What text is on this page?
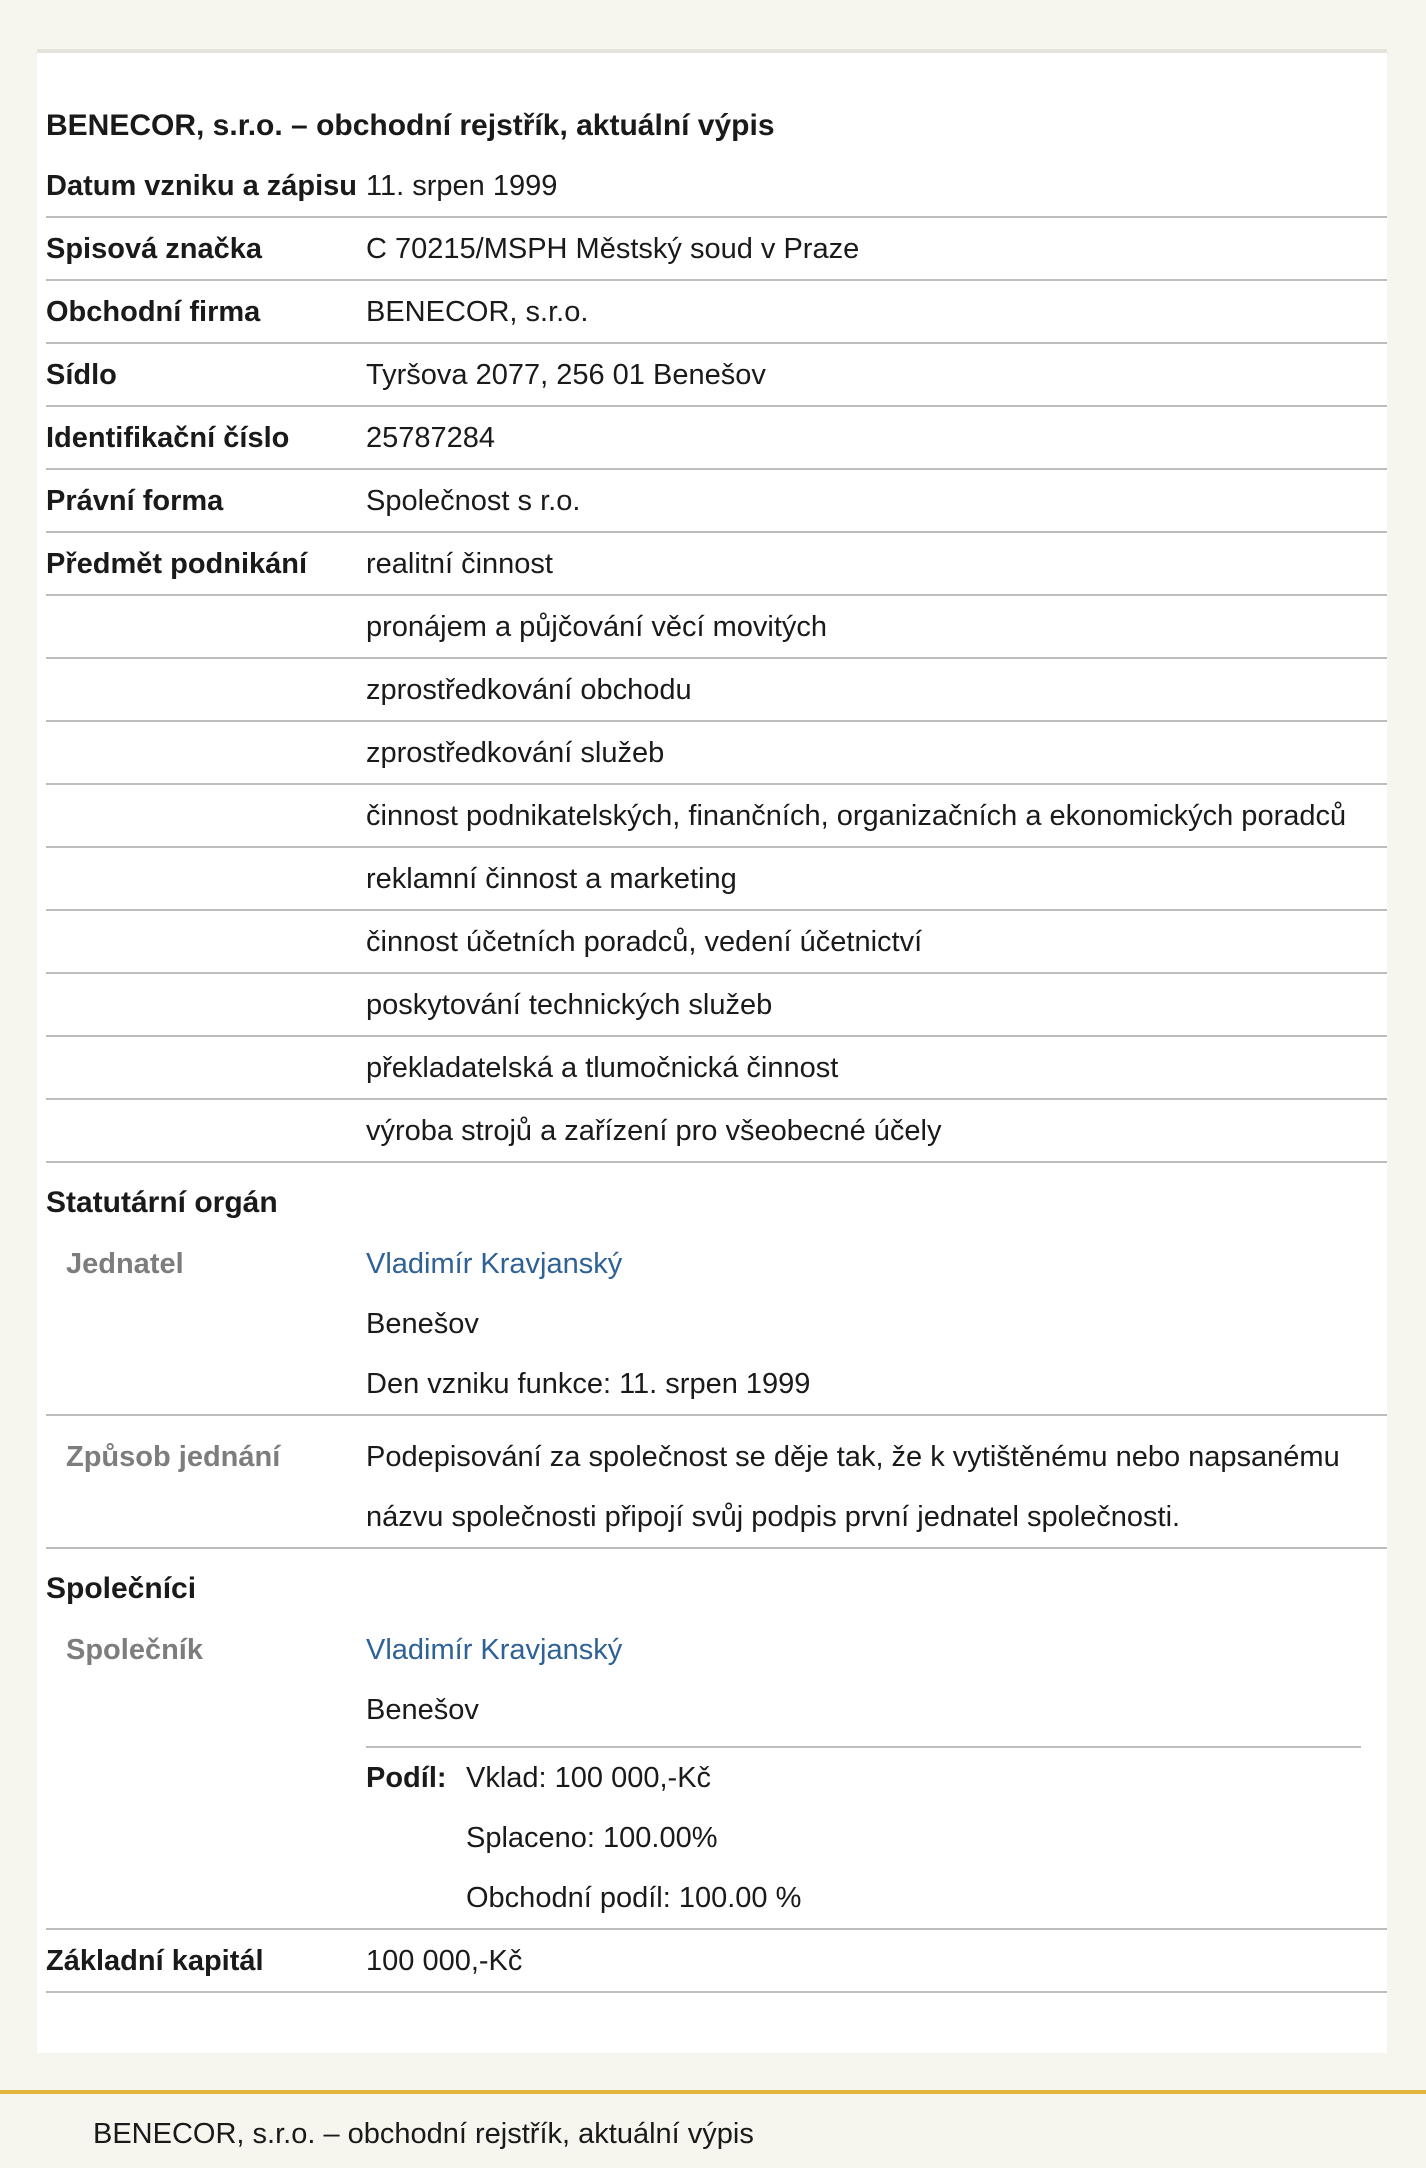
BENECOR, s.r.o. – obchodní rejstřík, aktuální výpis
Datum vzniku a zápisu 11. srpen 1999
Spisová značka	C 70215/MSPH Městský soud v Praze
Obchodní firma	BENECOR, s.r.o.
Sídlo	Tyršova 2077, 256 01 Benešov
Identifikační číslo	25787284
Právní forma	Společnost s r.o.
Předmět podnikání	realitní činnost
pronájem a půjčování věcí movitých
zprostředkování obchodu
zprostředkování služeb
činnost podnikatelských, finančních, organizačních a ekonomických poradců
reklamní činnost a marketing
činnost účetních poradců, vedení účetnictví
poskytování technických služeb
překladatelská a tlumočnická činnost
výroba strojů a zařízení pro všeobecné účely
Statutární orgán
Jednatel	Vladimír Kravjanský
Benešov
Den vzniku funkce: 11. srpen 1999
Způsob jednání	Podepisování za společnost se děje tak, že k vytištěnému nebo napsanému
názvu společnosti připojí svůj podpis první jednatel společnosti.
Společníci
Společník	Vladimír Kravjanský
Benešov
Podíl: Vklad: 100 000,-Kč
Splaceno: 100.00%
Obchodní podíl: 100.00 %
Základní kapitál	100 000,-Kč
BENECOR, s.r.o. – obchodní rejstřík, aktuální výpis
